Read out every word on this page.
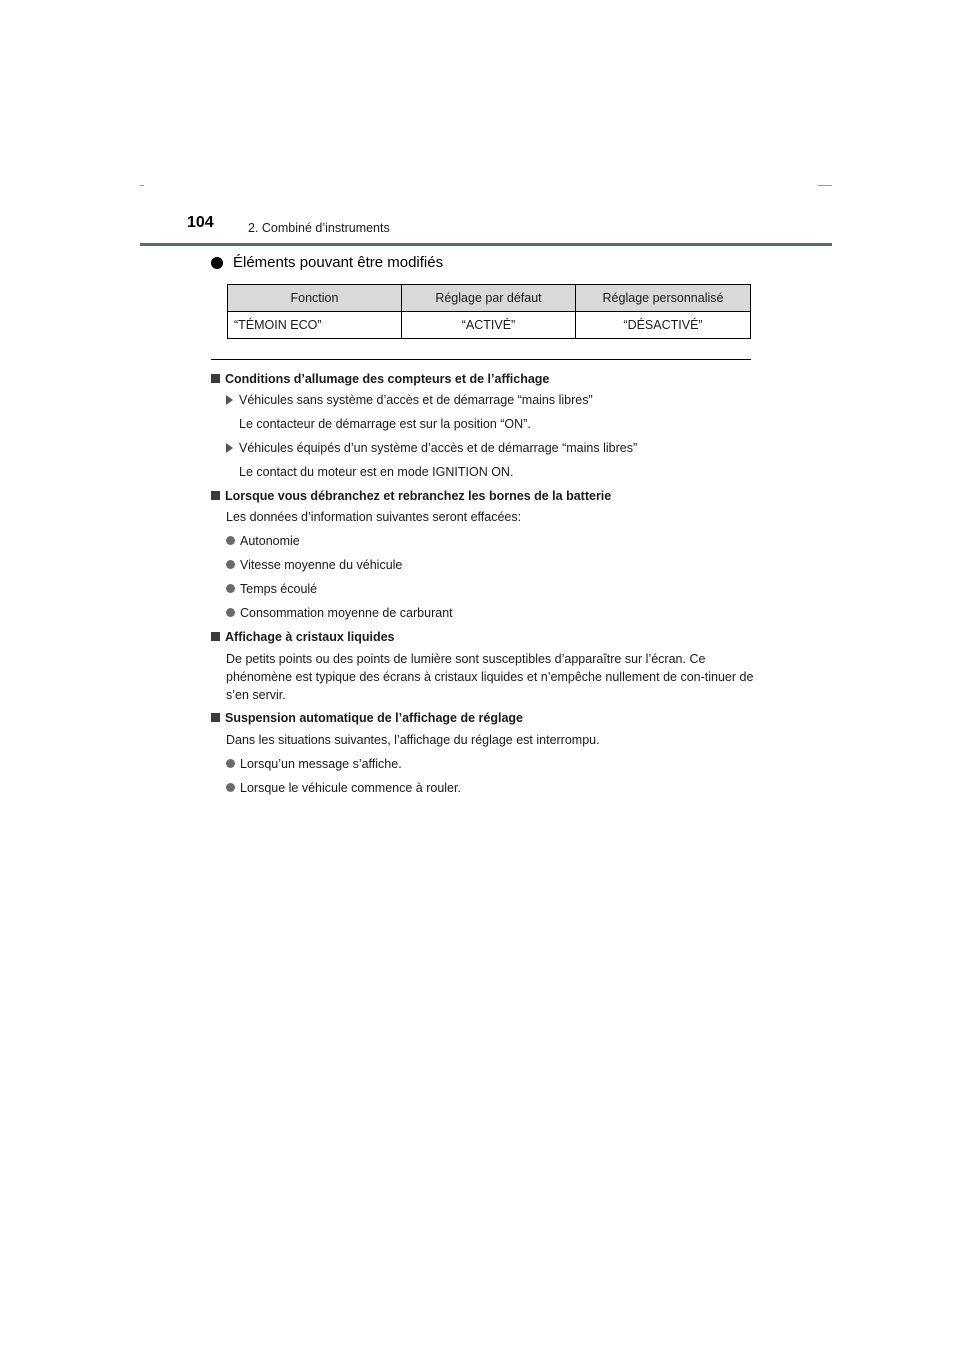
104	2. Combiné d’instruments
Éléments pouvant être modifiés
Fonction	Réglage par défaut	Réglage personnalisé
“TÉMOIN ECO”	“ACTIVÉ”	“DÉSACTIVÉ”
Conditions d’allumage des compteurs et de l’affichage
Véhicules sans système d’accès et de démarrage “mains libres”
Le contacteur de démarrage est sur la position “ON”.
Véhicules équipés d’un système d’accès et de démarrage “mains libres”
Le contact du moteur est en mode IGNITION ON.
Lorsque vous débranchez et rebranchez les bornes de la batterie
Les données d’information suivantes seront effacées:
Autonomie
Vitesse moyenne du véhicule
Temps écoulé
Consommation moyenne de carburant
Affichage à cristaux liquides
De petits points ou des points de lumière sont susceptibles d’apparaître sur l’écran. Ce phénomène est typique des écrans à cristaux liquides et n’empêche nullement de con-tinuer de s’en servir.
Suspension automatique de l’affichage de réglage
Dans les situations suivantes, l’affichage du réglage est interrompu.
Lorsqu’un message s’affiche.
Lorsque le véhicule commence à rouler.
